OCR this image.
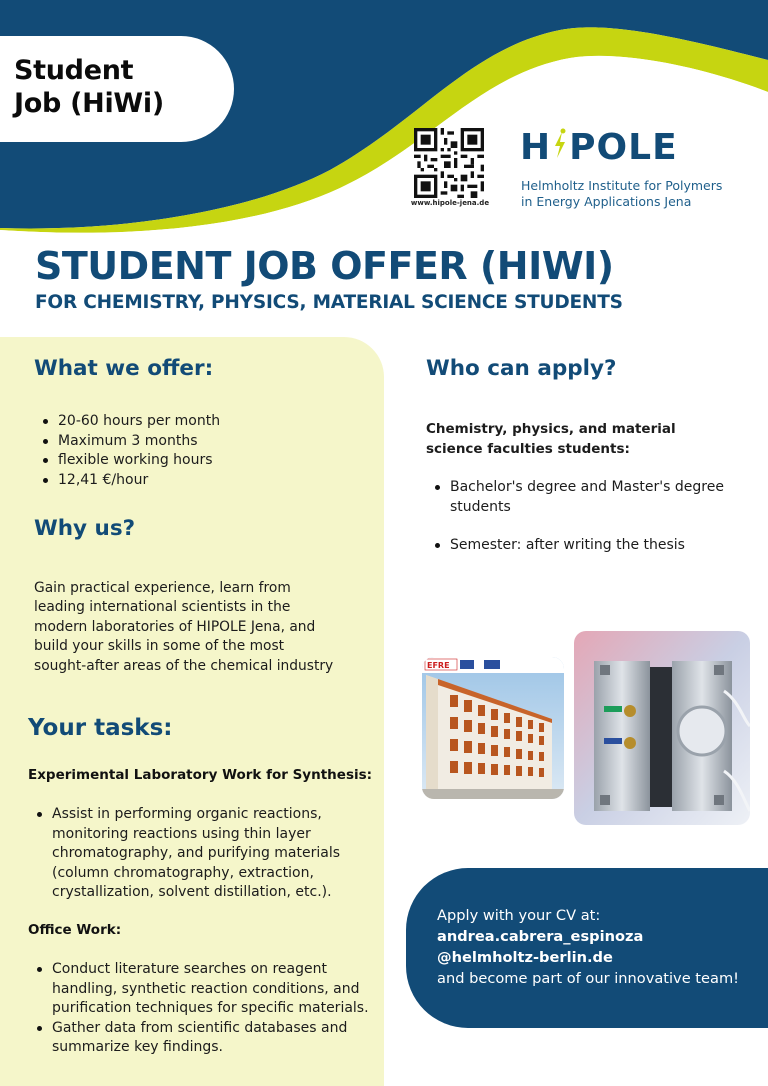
Student
Job (HiWi)
www.hipole-jena.de
H POLE
Helmholtz Institute for Polymers
in Energy Applications Jena
STUDENT JOB OFFER (HIWI)
FOR CHEMISTRY, PHYSICS, MATERIAL SCIENCE STUDENTS
What we offer:
20-60 hours per month
Maximum 3 months
flexible working hours
12,41 €/hour
Why us?
Gain practical experience, learn from leading international scientists in the modern laboratories of HIPOLE Jena, and build your skills in some of the most sought-after areas of the chemical industry
Your tasks:
Experimental Laboratory Work for Synthesis:
Assist in performing organic reactions, monitoring reactions using thin layer chromatography, and purifying materials (column chromatography, extraction, crystallization, solvent distillation, etc.).
Office Work:
Conduct literature searches on reagent handling, synthetic reaction conditions, and purification techniques for specific materials.
Gather data from scientific databases and summarize key findings.
Who can apply?
Chemistry, physics, and material science faculties students:
Bachelor's degree and Master's degree students
Semester: after writing the thesis
EFRE
Apply with your CV at:
andrea.cabrera_espinoza
@helmholtz-berlin.de
and become part of our innovative team!
